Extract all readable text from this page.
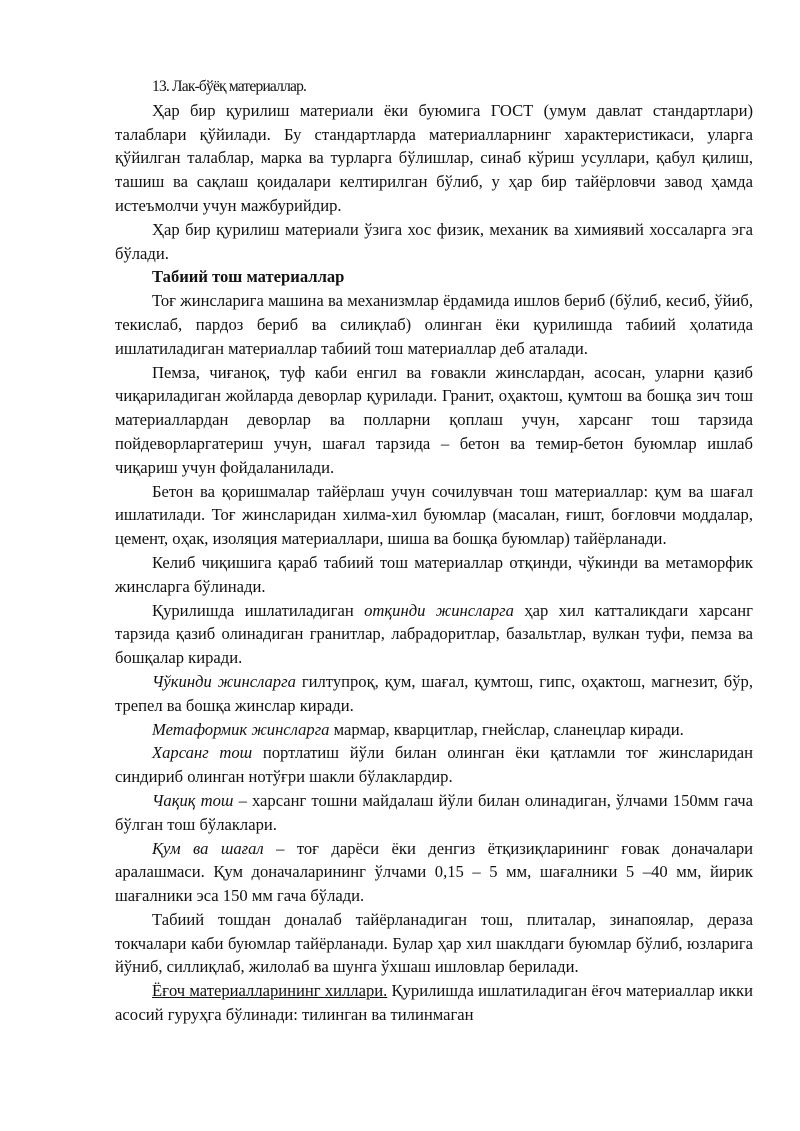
13. Лак-бўёқ материаллар.

Ҳар бир қурилиш материали ёки буюмига ГОСТ (умум давлат стандартлари) талаблари қўйилади. Бу стандартларда материалларнинг характеристикаси, уларга қўйилган талаблар, марка ва турларга бўлишлар, синаб кўриш усуллари, қабул қилиш, ташиш ва сақлаш қоидалари келтирилган бўлиб, у ҳар бир тайёрловчи завод ҳамда истеъмолчи учун мажбурийдир.

Ҳар бир қурилиш материали ўзига хос физик, механик ва химиявий хоссаларга эга бўлади.

Табиий тош материаллар

Тоғ жинсларига машина ва механизмлар ёрдамида ишлов бериб (бўлиб, кесиб, ўйиб, текислаб, пардоз бериб ва силиқлаб) олинган ёки қурилишда табиий ҳолатида ишлатиладиган материаллар табиий тош материаллар деб аталади.

Пемза, чиғаноқ, туф каби енгил ва ғовакли жинслардан, асосан, уларни қазиб чиқариладиган жойларда деворлар қурилади. Гранит, оҳактош, қумтош ва бошқа зич тош материаллардан деворлар ва полларни қоплаш учун, харсанг тош тарзида пойдеворларгатериш учун, шағал тарзида – бетон ва темир-бетон буюмлар ишлаб чиқариш учун фойдаланилади.

Бетон ва қоришмалар тайёрлаш учун сочилувчан тош материаллар: қум ва шағал ишлатилади. Тоғ жинсларидан хилма-хил буюмлар (масалан, ғишт, боғловчи моддалар, цемент, оҳак, изоляция материаллари, шиша ва бошқа буюмлар) тайёрланади.

Келиб чиқишига қараб табиий тош материаллар отқинди, чўкинди ва метаморфик жинсларга бўлинади.

Қурилишда ишлатиладиган отқинди жинсларга ҳар хил катталикдаги харсанг тарзида қазиб олинадиган гранитлар, лабрадоритлар, базальтлар, вулкан туфи, пемза ва бошқалар киради.

Чўкинди жинсларга гилтупроқ, қум, шағал, қумтош, гипс, оҳактош, магнезит, бўр, трепел ва бошқа жинслар киради.

Метаформик жинсларга мармар, кварцитлар, гнейслар, сланецлар киради.

Харсанг тош портлатиш йўли билан олинган ёки қатламли тоғ жинсларидан синдириб олинган нотўғри шакли бўлаклардир.

Чақиқ тош – харсанг тошни майдалаш йўли билан олинадиган, ўлчами 150мм гача бўлган тош бўлаклари.

Қум ва шағал – тоғ дарёси ёки денгиз ётқизиқларининг ғовак доначалари аралашмаси. Қум доначаларининг ўлчами 0,15 – 5 мм, шағалники 5 –40 мм, йирик шағалники эса 150 мм гача бўлади.

Табиий тошдан доналаб тайёрланадиган тош, плиталар, зинапоялар, дераза токчалари каби буюмлар тайёрланади. Булар ҳар хил шаклдаги буюмлар бўлиб, юзларига йўниб, силлиқлаб, жилолаб ва шунга ўхшаш ишловлар берилади.

Ёғоч материалларининг хиллари. Қурилишда ишлатиладиган ёғоч материаллар икки асосий гуруҳга бўлинади: тилинган ва тилинмаган
